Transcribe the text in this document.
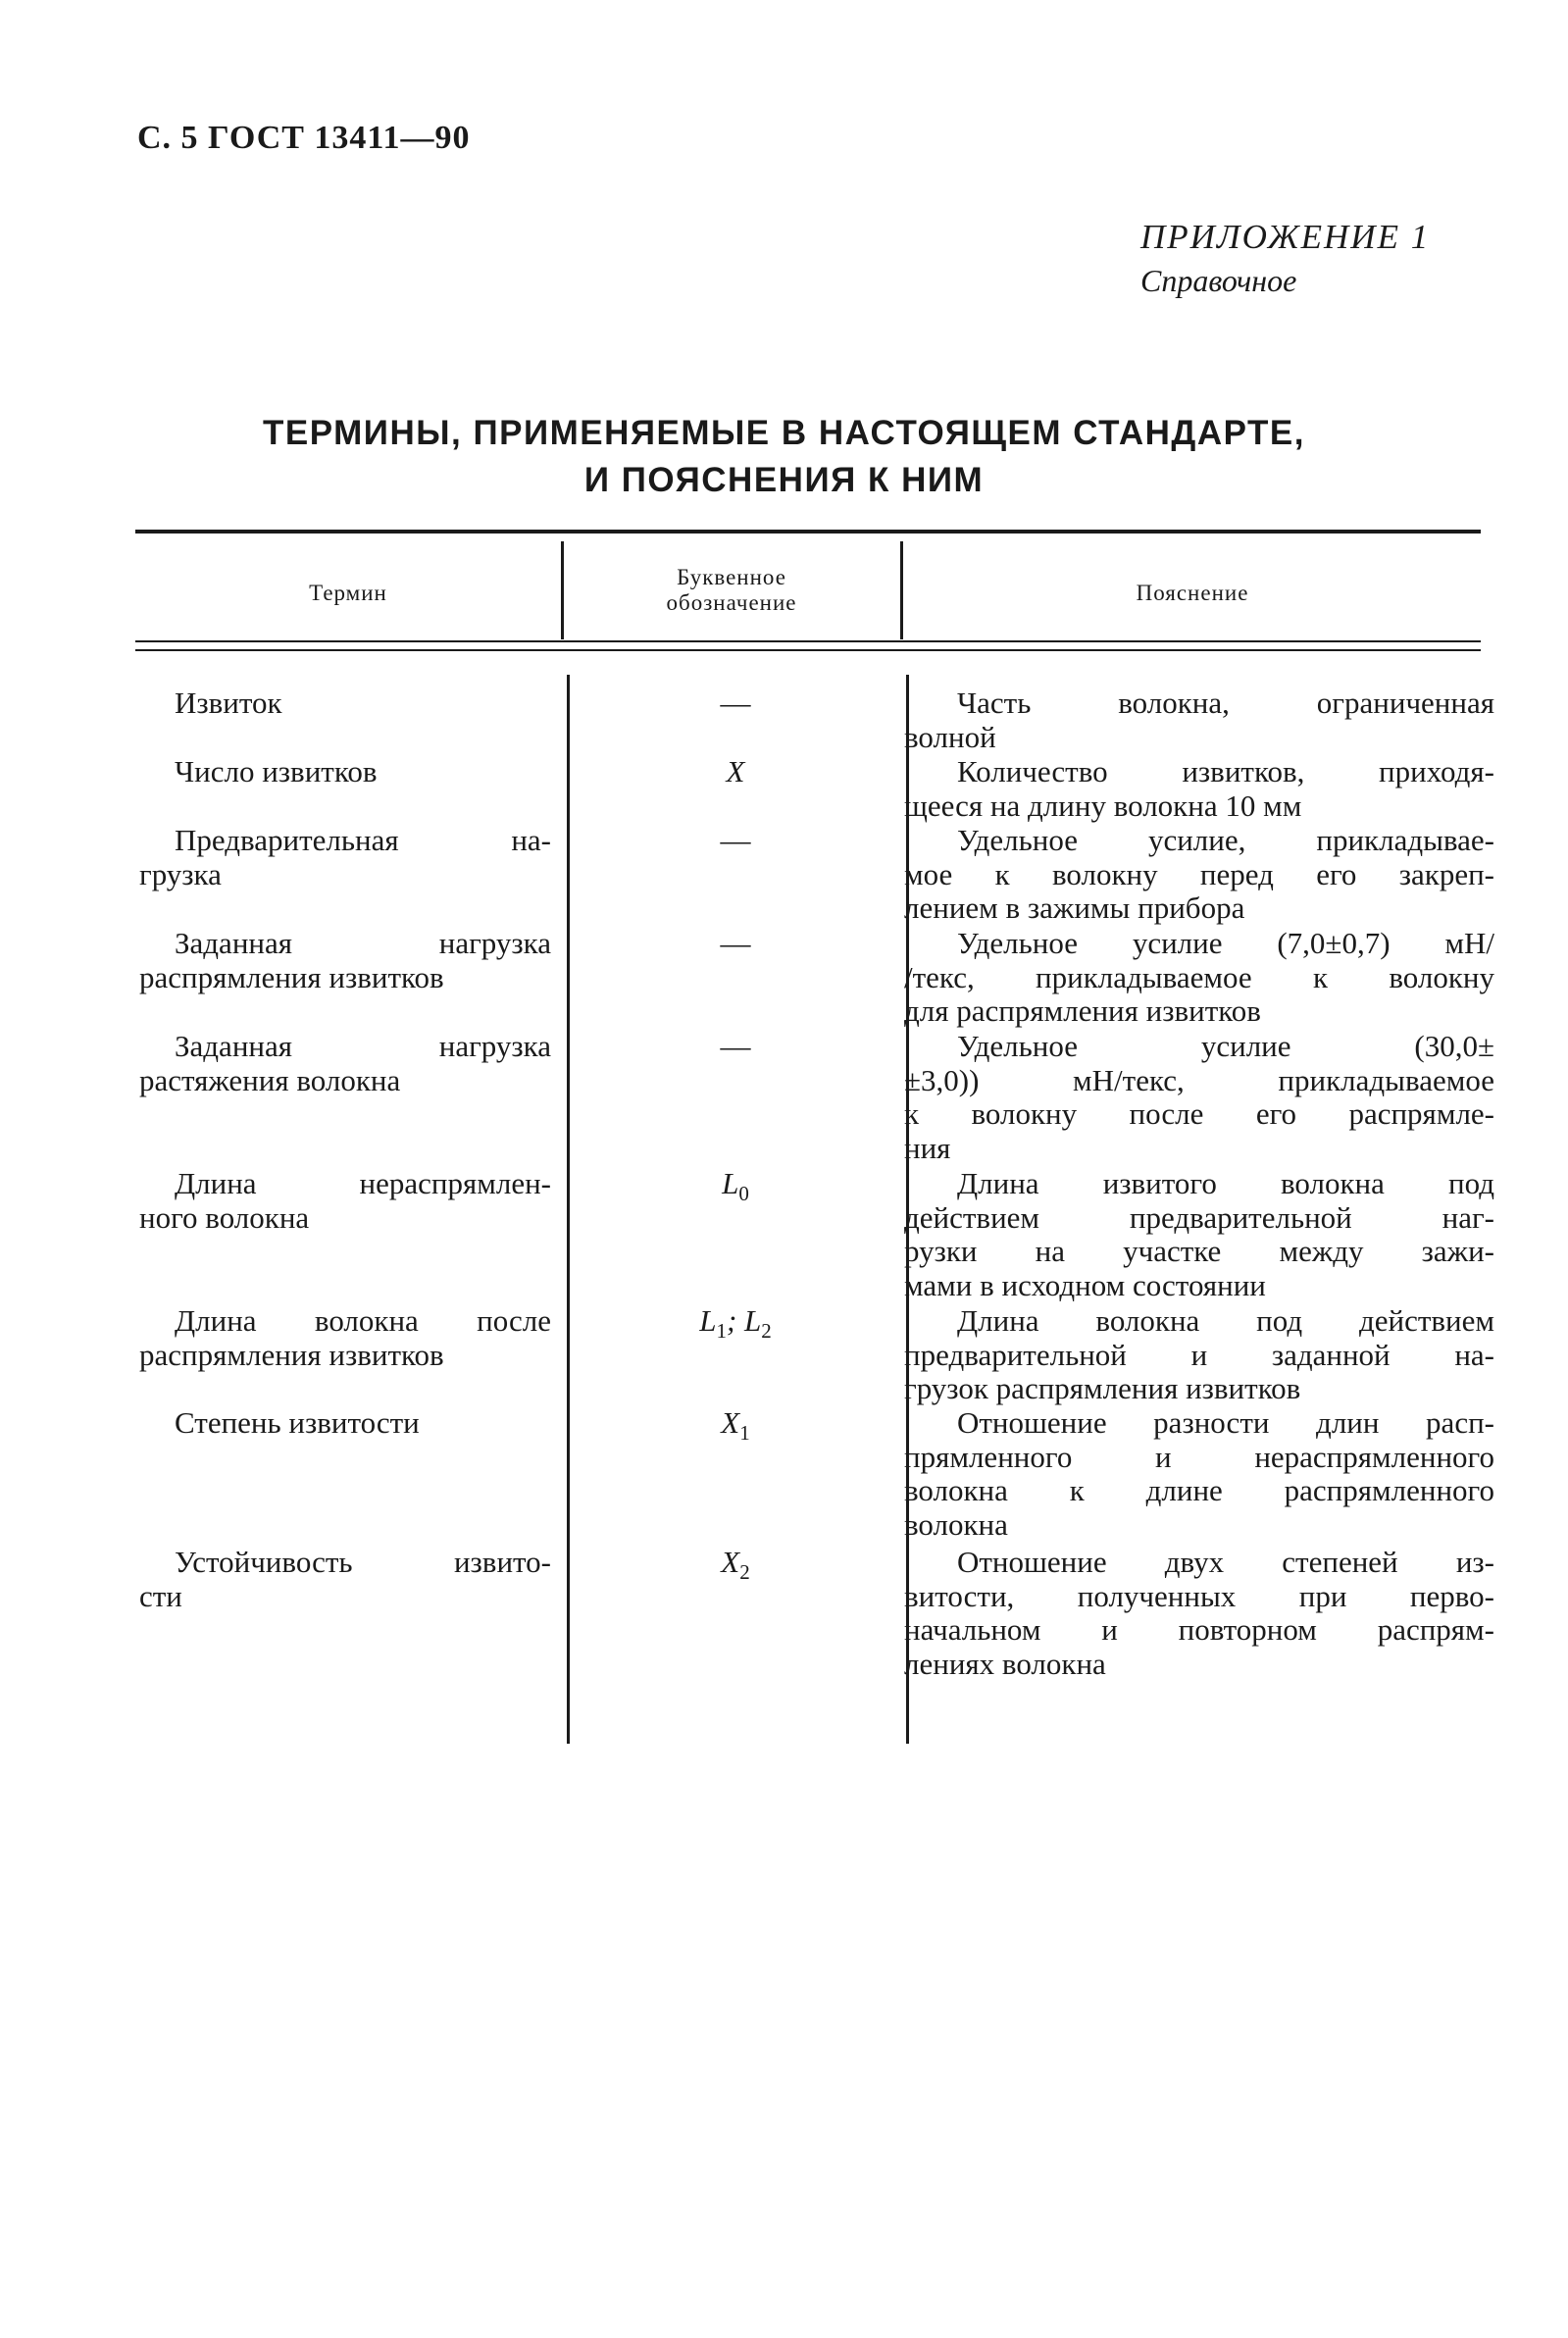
С. 5 ГОСТ 13411—90
ПРИЛОЖЕНИЕ 1
Справочное
ТЕРМИНЫ, ПРИМЕНЯЕМЫЕ В НАСТОЯЩЕМ СТАНДАРТЕ,
И ПОЯСНЕНИЯ К НИМ
Термин
Буквенное
обозначение	Пояснение
Извиток	—	Часть волокна, ограниченная
волной
Число извитков	X	Количество извитков, приходя-
щееся на длину волокна 10 мм
Предварительная на-
грузка
—	Удельное усилие, прикладывае-
мое к волокну перед его закреп-
лением в зажимы прибора
Заданная нагрузка
распрямления извитков
—	Удельное усилие (7,0±0,7) мН/
/текс, прикладываемое к волокну
для распрямления извитков
Заданная нагрузка
растяжения волокна
—	Удельное усилие (30,0±
±3,0)) мН/текс, прикладываемое
к волокну после его распрямле-
ния
Длина нераспрямлен-
ного волокна
$L_0$	Длина извитого волокна под
действием предварительной наг-
рузки на участке между зажи-
мами в исходном состоянии
Длина волокна после
распрямления извитков
$L_1$; $L_2$	Длина волокна под действием
предварительной и заданной на-
грузок распрямления извитков
Степень извитости	$X_1$	Отношение разности длин расп-
прямленного и нераспрямленного
волокна к длине распрямленного
волокна
Устойчивость извито-
сти
$X_2$	Отношение двух степеней из-
витости, полученных при перво-
начальном и повторном распрям-
лениях волокна
